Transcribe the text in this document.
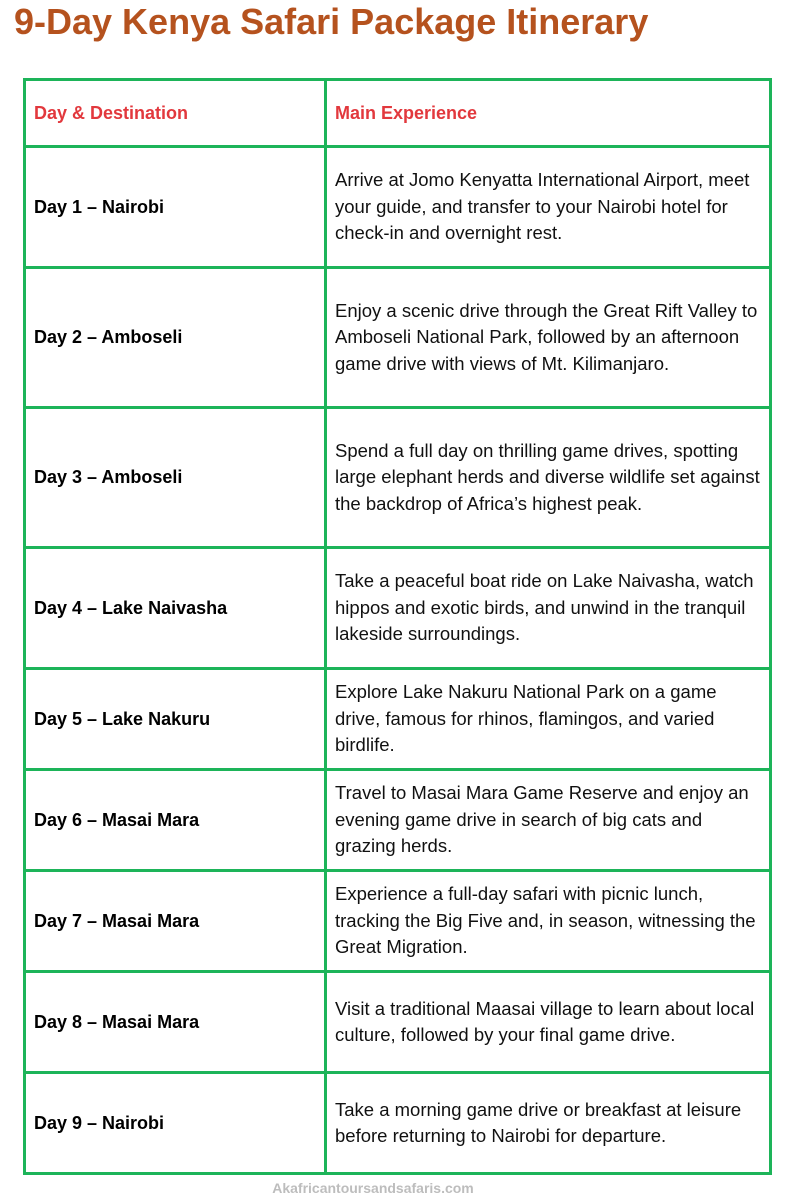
9-Day Kenya Safari Package Itinerary
Day & Destination	Main Experience
Day 1 – Nairobi	Arrive at Jomo Kenyatta International Airport, meet your guide, and transfer to your Nairobi hotel for check-in and overnight rest.
Day 2 – Amboseli	Enjoy a scenic drive through the Great Rift Valley to Amboseli National Park, followed by an afternoon game drive with views of Mt. Kilimanjaro.
Day 3 – Amboseli	Spend a full day on thrilling game drives, spotting large elephant herds and diverse wildlife set against the backdrop of Africa’s highest peak.
Day 4 – Lake Naivasha	Take a peaceful boat ride on Lake Naivasha, watch hippos and exotic birds, and unwind in the tranquil lakeside surroundings.
Day 5 – Lake Nakuru	Explore Lake Nakuru National Park on a game drive, famous for rhinos, flamingos, and varied birdlife.
Day 6 – Masai Mara	Travel to Masai Mara Game Reserve and enjoy an evening game drive in search of big cats and grazing herds.
Day 7 – Masai Mara	Experience a full-day safari with picnic lunch, tracking the Big Five and, in season, witnessing the Great Migration.
Day 8 – Masai Mara	Visit a traditional Maasai village to learn about local culture, followed by your final game drive.
Day 9 – Nairobi	Take a morning game drive or breakfast at leisure before returning to Nairobi for departure.

Akafricantoursandsafaris.com
